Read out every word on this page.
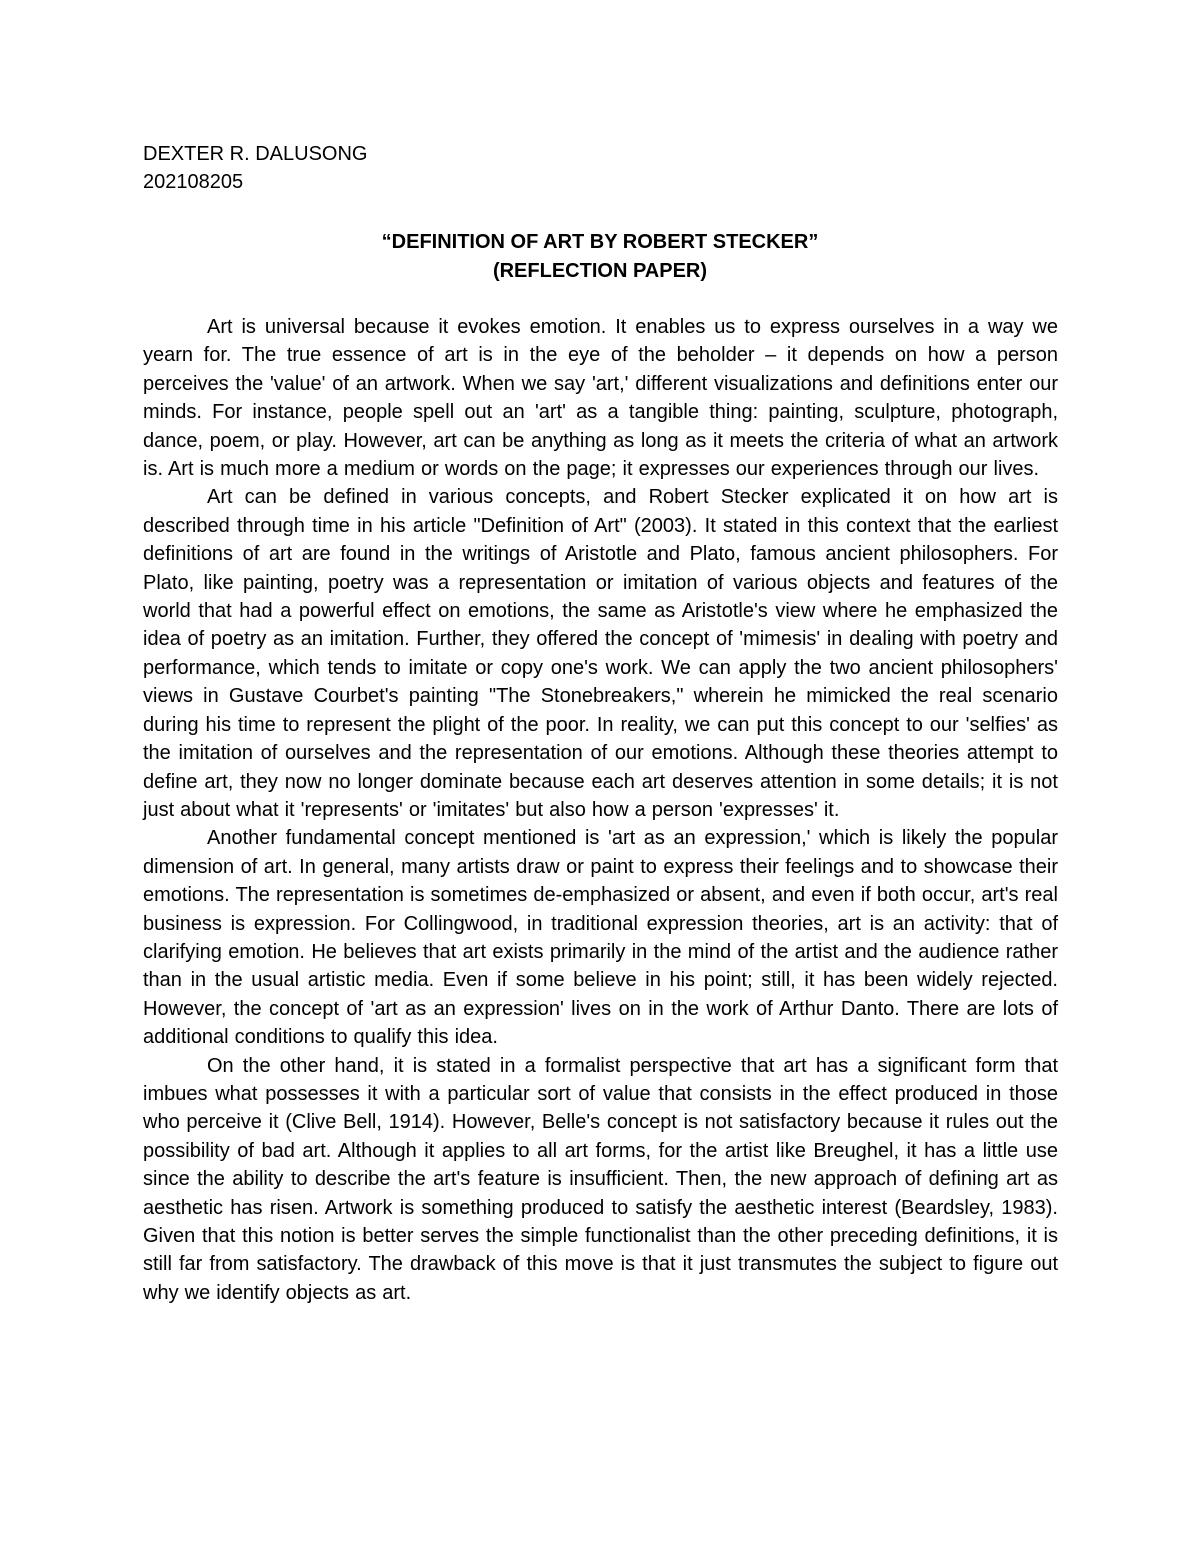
DEXTER R. DALUSONG
202108205
“DEFINITION OF ART BY ROBERT STECKER”
(REFLECTION PAPER)

Art is universal because it evokes emotion. It enables us to express ourselves in a way we yearn for. The true essence of art is in the eye of the beholder – it depends on how a person perceives the 'value' of an artwork. When we say 'art,' different visualizations and definitions enter our minds. For instance, people spell out an 'art' as a tangible thing: painting, sculpture, photograph, dance, poem, or play. However, art can be anything as long as it meets the criteria of what an artwork is. Art is much more a medium or words on the page; it expresses our experiences through our lives.

Art can be defined in various concepts, and Robert Stecker explicated it on how art is described through time in his article "Definition of Art" (2003). It stated in this context that the earliest definitions of art are found in the writings of Aristotle and Plato, famous ancient philosophers. For Plato, like painting, poetry was a representation or imitation of various objects and features of the world that had a powerful effect on emotions, the same as Aristotle's view where he emphasized the idea of poetry as an imitation. Further, they offered the concept of 'mimesis' in dealing with poetry and performance, which tends to imitate or copy one's work. We can apply the two ancient philosophers' views in Gustave Courbet's painting "The Stonebreakers," wherein he mimicked the real scenario during his time to represent the plight of the poor. In reality, we can put this concept to our 'selfies' as the imitation of ourselves and the representation of our emotions. Although these theories attempt to define art, they now no longer dominate because each art deserves attention in some details; it is not just about what it 'represents' or 'imitates' but also how a person 'expresses' it.

Another fundamental concept mentioned is 'art as an expression,' which is likely the popular dimension of art. In general, many artists draw or paint to express their feelings and to showcase their emotions. The representation is sometimes de-emphasized or absent, and even if both occur, art's real business is expression. For Collingwood, in traditional expression theories, art is an activity: that of clarifying emotion. He believes that art exists primarily in the mind of the artist and the audience rather than in the usual artistic media. Even if some believe in his point; still, it has been widely rejected. However, the concept of 'art as an expression' lives on in the work of Arthur Danto. There are lots of additional conditions to qualify this idea.

On the other hand, it is stated in a formalist perspective that art has a significant form that imbues what possesses it with a particular sort of value that consists in the effect produced in those who perceive it (Clive Bell, 1914). However, Belle's concept is not satisfactory because it rules out the possibility of bad art. Although it applies to all art forms, for the artist like Breughel, it has a little use since the ability to describe the art's feature is insufficient. Then, the new approach of defining art as aesthetic has risen. Artwork is something produced to satisfy the aesthetic interest (Beardsley, 1983). Given that this notion is better serves the simple functionalist than the other preceding definitions, it is still far from satisfactory. The drawback of this move is that it just transmutes the subject to figure out why we identify objects as art.
